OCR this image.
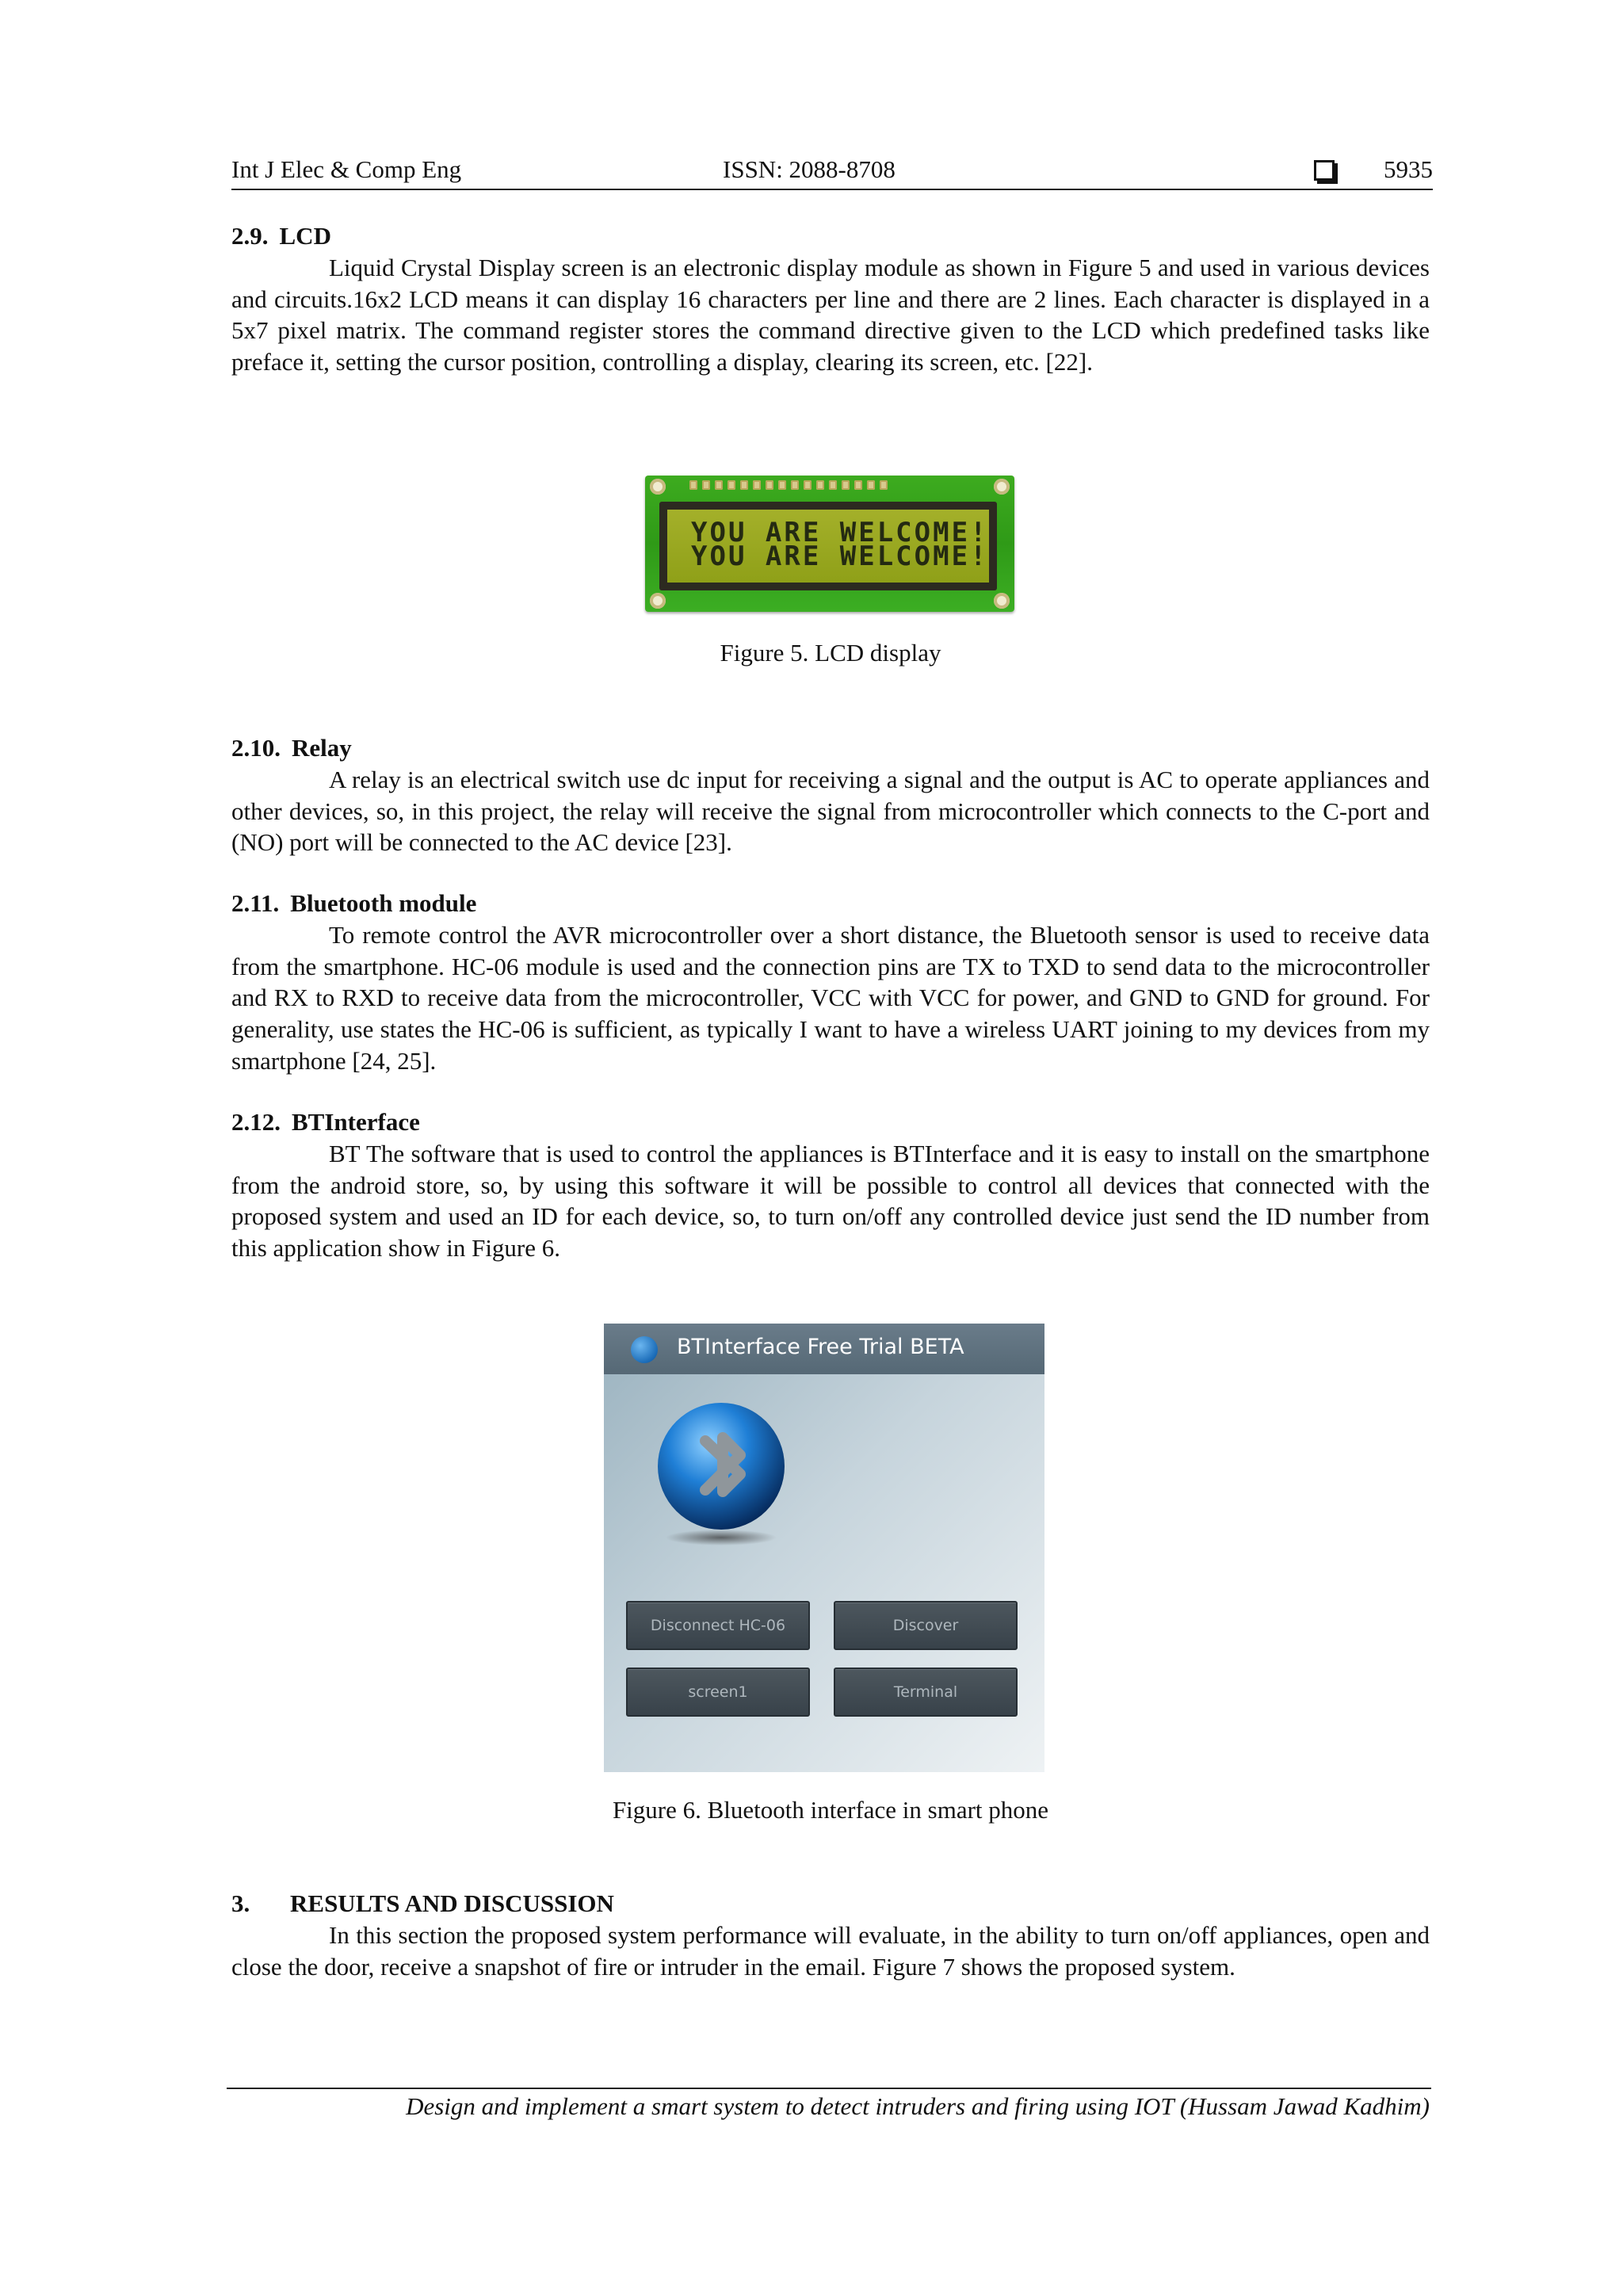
Int J Elec & Comp Eng	ISSN: 2088-8708	5935
2.9. LCD

Liquid Crystal Display screen is an electronic display module as shown in Figure 5 and used in various devices and circuits.16x2 LCD means it can display 16 characters per line and there are 2 lines. Each character is displayed in a 5x7 pixel matrix. The command register stores the command directive given to the LCD which predefined tasks like preface it, setting the cursor position, controlling a display, clearing its screen, etc. [22].

YOU ARE WELCOME!
YOU ARE WELCOME!
Figure 5. LCD display
2.10. Relay

A relay is an electrical switch use dc input for receiving a signal and the output is AC to operate appliances and other devices, so, in this project, the relay will receive the signal from microcontroller which connects to the C-port and (NO) port will be connected to the AC device [23].

2.11. Bluetooth module

To remote control the AVR microcontroller over a short distance, the Bluetooth sensor is used to receive data from the smartphone. HC-06 module is used and the connection pins are TX to TXD to send data to the microcontroller and RX to RXD to receive data from the microcontroller, VCC with VCC for power, and GND to GND for ground. For generality, use states the HC-06 is sufficient, as typically I want to have a wireless UART joining to my devices from my smartphone [24, 25].

2.12. BTInterface

BT The software that is used to control the appliances is BTInterface and it is easy to install on the smartphone from the android store, so, by using this software it will be possible to control all devices that connected with the proposed system and used an ID for each device, so, to turn on/off any controlled device just send the ID number from this application show in Figure 6.

BTInterface Free Trial BETA
Disconnect HC-06	Discover
screen1	Terminal
Figure 6. Bluetooth interface in smart phone
3. RESULTS AND DISCUSSION

In this section the proposed system performance will evaluate, in the ability to turn on/off appliances, open and close the door, receive a snapshot of fire or intruder in the email. Figure 7 shows the proposed system.

Design and implement a smart system to detect intruders and firing using IOT (Hussam Jawad Kadhim)
